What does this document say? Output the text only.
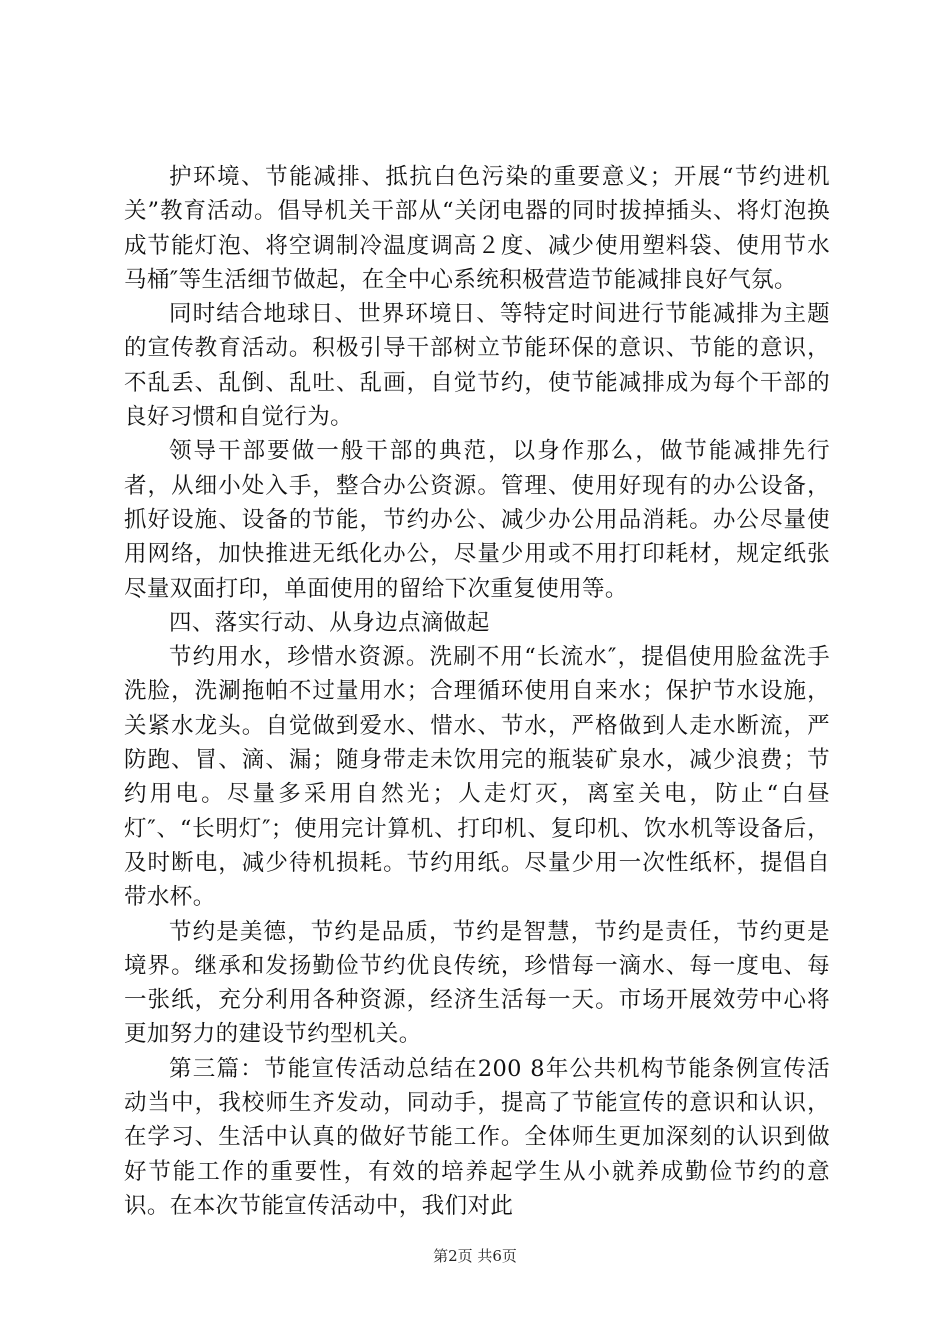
护环境、节能减排、抵抗白色污染的重要意义；开展“节约进机关”教育活动。倡导机关干部从“关闭电器的同时拔掉插头、将灯泡换成节能灯泡、将空调制冷温度调高２度、减少使用塑料袋、使用节水马桶″等生活细节做起，在全中心系统积极营造节能减排良好气氛。

同时结合地球日、世界环境日、等特定时间进行节能减排为主题的宣传教育活动。积极引导干部树立节能环保的意识、节能的意识，不乱丢、乱倒、乱吐、乱画，自觉节约，使节能减排成为每个干部的良好习惯和自觉行为。

领导干部要做一般干部的典范，以身作那么，做节能减排先行者，从细小处入手，整合办公资源。管理、使用好现有的办公设备，抓好设施、设备的节能，节约办公、减少办公用品消耗。办公尽量使用网络，加快推进无纸化办公，尽量少用或不用打印耗材，规定纸张尽量双面打印，单面使用的留给下次重复使用等。

四、落实行动、从身边点滴做起

节约用水，珍惜水资源。洗刷不用“长流水″，提倡使用脸盆洗手洗脸，洗涮拖帕不过量用水；合理循环使用自来水；保护节水设施，关紧水龙头。自觉做到爱水、惜水、节水，严格做到人走水断流，严防跑、冒、滴、漏；随身带走未饮用完的瓶装矿泉水，减少浪费；节约用电。尽量多采用自然光；人走灯灭，离室关电，防止“白昼灯″、“长明灯″；使用完计算机、打印机、复印机、饮水机等设备后，及时断电，减少待机损耗。节约用纸。尽量少用一次性纸杯，提倡自带水杯。

节约是美德，节约是品质，节约是智慧，节约是责任，节约更是境界。继承和发扬勤俭节约优良传统，珍惜每一滴水、每一度电、每一张纸，充分利用各种资源，经济生活每一天。市场开展效劳中心将更加努力的建设节约型机关。

第三篇：节能宣传活动总结在200 8年公共机构节能条例宣传活动当中，我校师生齐发动，同动手，提高了节能宣传的意识和认识，在学习、生活中认真的做好节能工作。全体师生更加深刻的认识到做好节能工作的重要性，有效的培养起学生从小就养成勤俭节约的意识。在本次节能宣传活动中，我们对此

第2页 共6页
